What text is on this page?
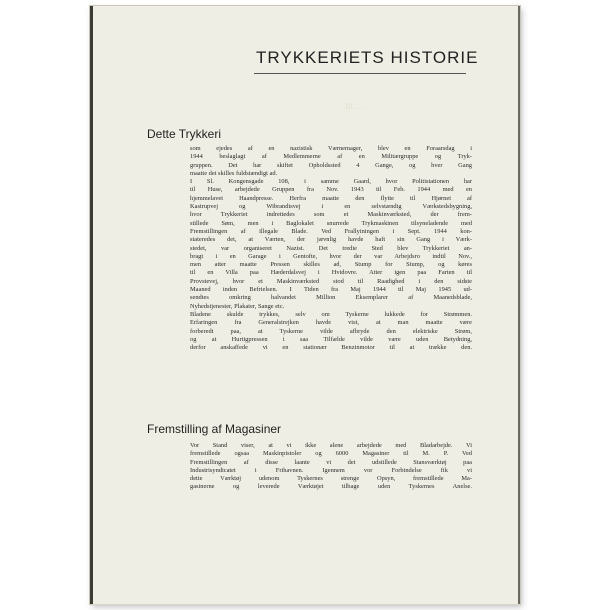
TRYKKERIETS HISTORIE
Bl.. ...
Dette Trykkeri
som ejedes af en nazistisk Værnemager, blev en Foraarsdag i
1944 beslaglagt af Medlemmerne af en Militærgruppe og Tryk-
gruppen. Det har skiftet Opholdssted 4 Gange, og hver Gang
maatte det skilles fuldstændigt ad.
I Sl. Kongensgade 108, i samme Gaard, hvor Politistationen har
til Huse, arbejdede Gruppen fra Nov. 1943 til Feb. 1944 med en
hjemmelavet Haandpresse. Herfra maatte den flytte til Hjørnet af
Kastrupvej og Wibrandtsvej i en selvstændig Værkstedsbygning,
hvor Trykkeriet indrettedes som et Maskinværksted, der frem-
stillede Søm, men i Baglokalet snurrede Trykmaskinen tilsyneladende med
Fremstillingen af illegale Blade. Ved Frallyiningen i Sept. 1944 kon-
stateredes det, at Værten, der jævnlig havde haft sin Gang i Værk-
stedet, var organiseret Nazist. Det tredie Sted blev Trykkeriet an-
bragt i en Garage i Gentofte, hvor der var Arbejdsro indtil Nov.,
men atter maatte Pressen skilles ad, Stump for Stump, og køres
til en Villa paa Hæderdalsvej i Hvidovre. Atter igen paa Farten til
Provstevej, hvor et Maskinværksted stod til Raadighed i den sidste
Maaned inden Befrielsen. I Tiden fra Maj 1944 til Maj 1945 ud-
sendtes omkring halvandet Million Eksemplarer af Maanedsblade,
Nyhedstjenester, Plakater, Sange etc.
Bladene skulde trykkes, selv om Tyskerne lukkede for Strømmen.
Erfaringen fra Generalstrejken havde vist, at man maatte være
forberedt paa, at Tyskerne vilde afbryde den elektriske Strøm,
og at Hurtigpressen i saa Tilfælde vilde være uden Betydning,
derfor anskaffede vi en stationær Benzinmotor til at trække den.
Fremstilling af Magasiner
Vor Stand viser, at vi ikke alene arbejdede med Bladarbejde. Vi
fremstillede ogsaa Maskinpistoler og 6000 Magasiner til M. P. Ved
Fremstillingen af disse laante vi det udstillede Stansværktøj paa
Industrisyndicatet i Frihavnen. Igennem vor Forbindelse fik vi
dette Værktøj udenom Tyskernes strenge Opsyn, fremstillede Ma-
gasinerne og leverede Værktøjet tilbage uden Tyskernes Anelse.
